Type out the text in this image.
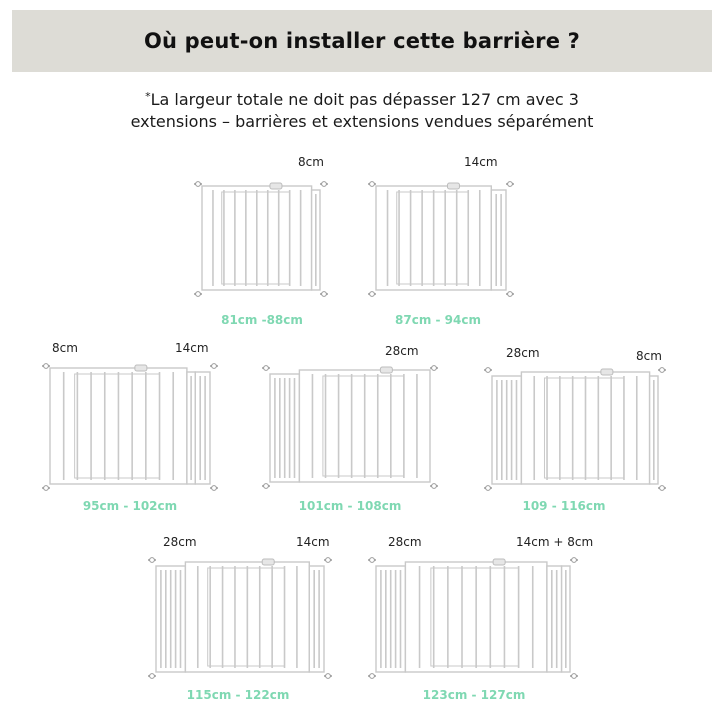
Où peut-on installer cette barrière ?
*La largeur totale ne doit pas dépasser 127 cm avec 3
extensions – barrières et extensions vendues séparément
8cm
81cm -88cm
14cm
87cm - 94cm
8cm	14cm
95cm - 102cm
28cm
101cm - 108cm
28cm	8cm
109 - 116cm
28cm	14cm
115cm - 122cm
28cm	14cm + 8cm
123cm - 127cm
